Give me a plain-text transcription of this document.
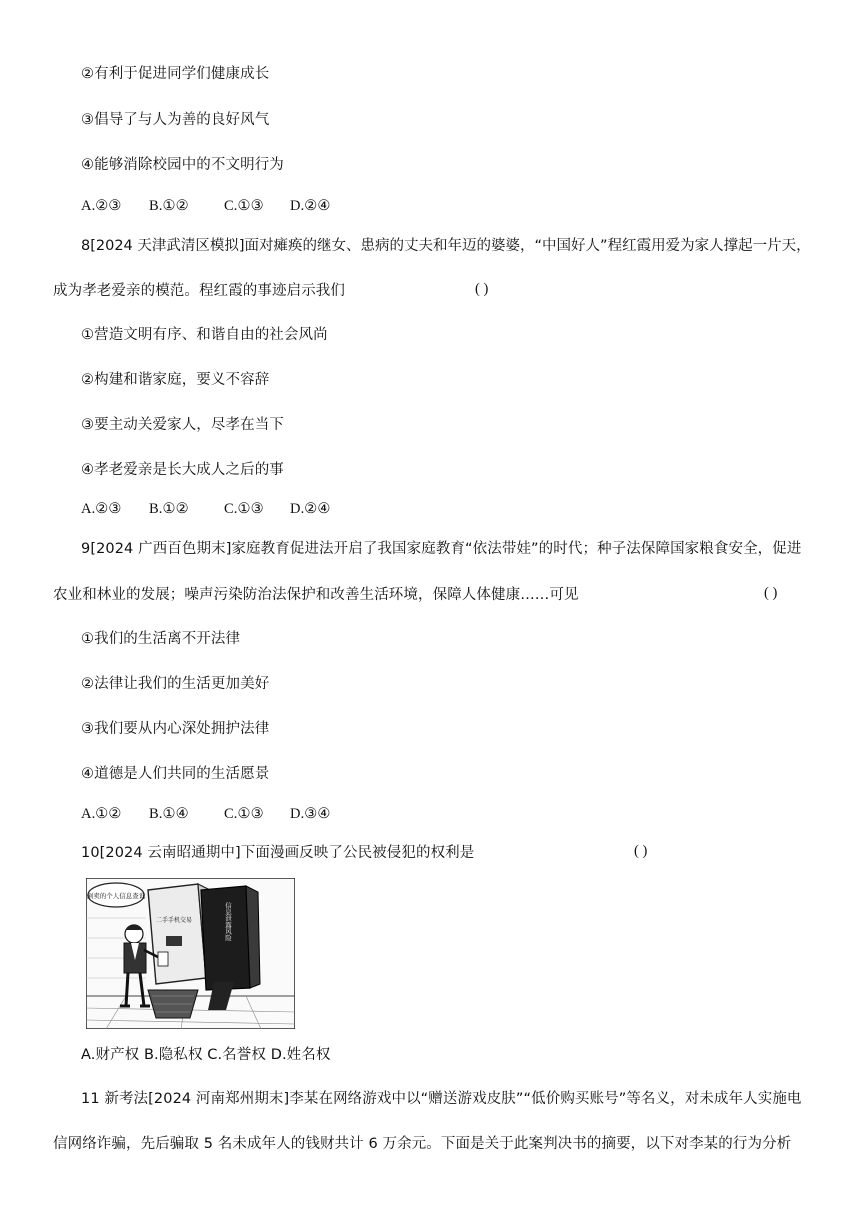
②有利于促进同学们健康成长
③倡导了与人为善的良好风气
④能够消除校园中的不文明行为
A.②③ B.①② C.①③ D.②④
8[2024 天津武清区模拟]面对瘫痪的继女、患病的丈夫和年迈的婆婆，“中国好人”程红霞用爱为家人撑起一片天，
成为孝老爱亲的模范。程红霞的事迹启示我们	( )
①营造文明有序、和谐自由的社会风尚
②构建和谐家庭，要义不容辞
③要主动关爱家人，尽孝在当下
④孝老爱亲是长大成人之后的事
A.②③ B.①② C.①③ D.②④
9[2024 广西百色期末]家庭教育促进法开启了我国家庭教育“依法带娃”的时代；种子法保障国家粮食安全，促进
农业和林业的发展；噪声污染防治法保护和改善生活环境，保障人体健康……可见	( )
①我们的生活离不开法律
②法律让我们的生活更加美好
③我们要从内心深处拥护法律
④道德是人们共同的生活愿景
A.①② B.①④ C.①③ D.③④
10[2024 云南昭通期中]下面漫画反映了公民被侵犯的权利是	( )
倒卖的个人信息查询
二手手机交易	信息泄露风险
A.财产权 B.隐私权 C.名誉权 D.姓名权
11 新考法[2024 河南郑州期末]李某在网络游戏中以“赠送游戏皮肤”“低价购买账号”等名义，对未成年人实施电
信网络诈骗，先后骗取 5 名未成年人的钱财共计 6 万余元。下面是关于此案判决书的摘要，以下对李某的行为分析
